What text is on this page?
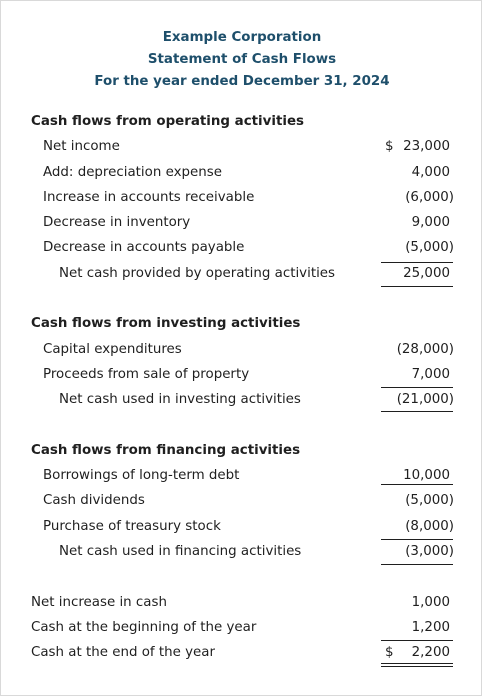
Example Corporation
Statement of Cash Flows
For the year ended December 31, 2024
Cash flows from operating activities
Net income	$ 23,000
Add: depreciation expense	4,000
Increase in accounts receivable	(6,000)
Decrease in inventory	9,000
Decrease in accounts payable	(5,000)
Net cash provided by operating activities	25,000
Cash flows from investing activities
Capital expenditures	(28,000)
Proceeds from sale of property	7,000
Net cash used in investing activities	(21,000)
Cash flows from financing activities
Borrowings of long-term debt	10,000
Cash dividends	(5,000)
Purchase of treasury stock	(8,000)
Net cash used in financing activities	(3,000)
Net increase in cash	1,000
Cash at the beginning of the year	1,200
Cash at the end of the year	$ 2,200
